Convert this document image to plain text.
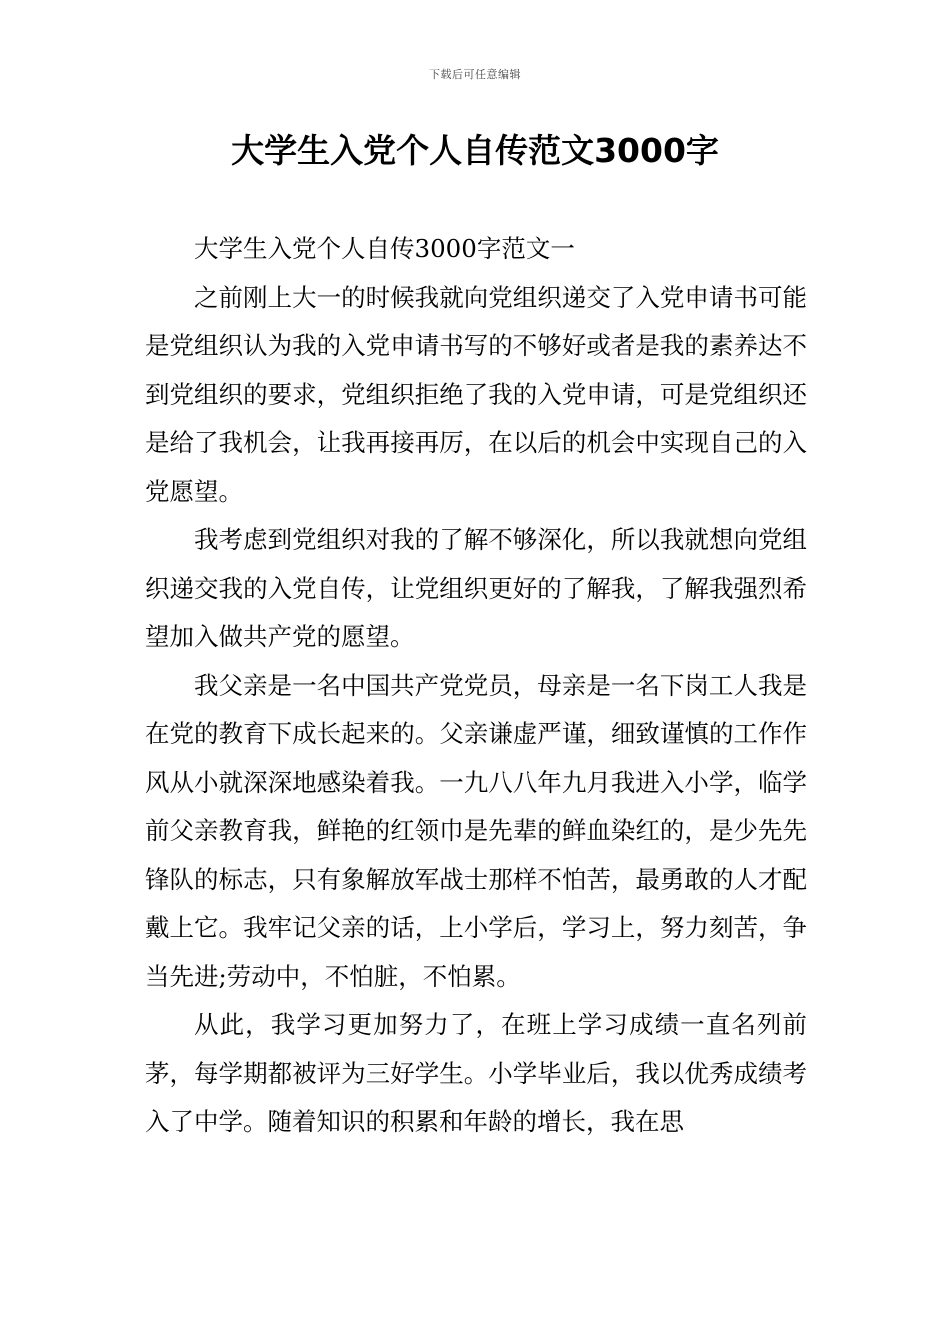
下载后可任意编辑
大学生入党个人自传范文3000字

大学生入党个人自传3000字范文一

之前刚上大一的时候我就向党组织递交了入党申请书可能是党组织认为我的入党申请书写的不够好或者是我的素养达不到党组织的要求，党组织拒绝了我的入党申请，可是党组织还是给了我机会，让我再接再厉，在以后的机会中实现自己的入党愿望。

我考虑到党组织对我的了解不够深化，所以我就想向党组织递交我的入党自传，让党组织更好的了解我，了解我强烈希望加入做共产党的愿望。

我父亲是一名中国共产党党员，母亲是一名下岗工人我是在党的教育下成长起来的。父亲谦虚严谨，细致谨慎的工作作风从小就深深地感染着我。一九八八年九月我进入小学，临学前父亲教育我，鲜艳的红领巾是先辈的鲜血染红的，是少先先锋队的标志，只有象解放军战士那样不怕苦，最勇敢的人才配戴上它。我牢记父亲的话，上小学后，学习上，努力刻苦，争当先进;劳动中，不怕脏，不怕累。

从此，我学习更加努力了，在班上学习成绩一直名列前茅，每学期都被评为三好学生。小学毕业后，我以优秀成绩考入了中学。随着知识的积累和年龄的增长，我在思
